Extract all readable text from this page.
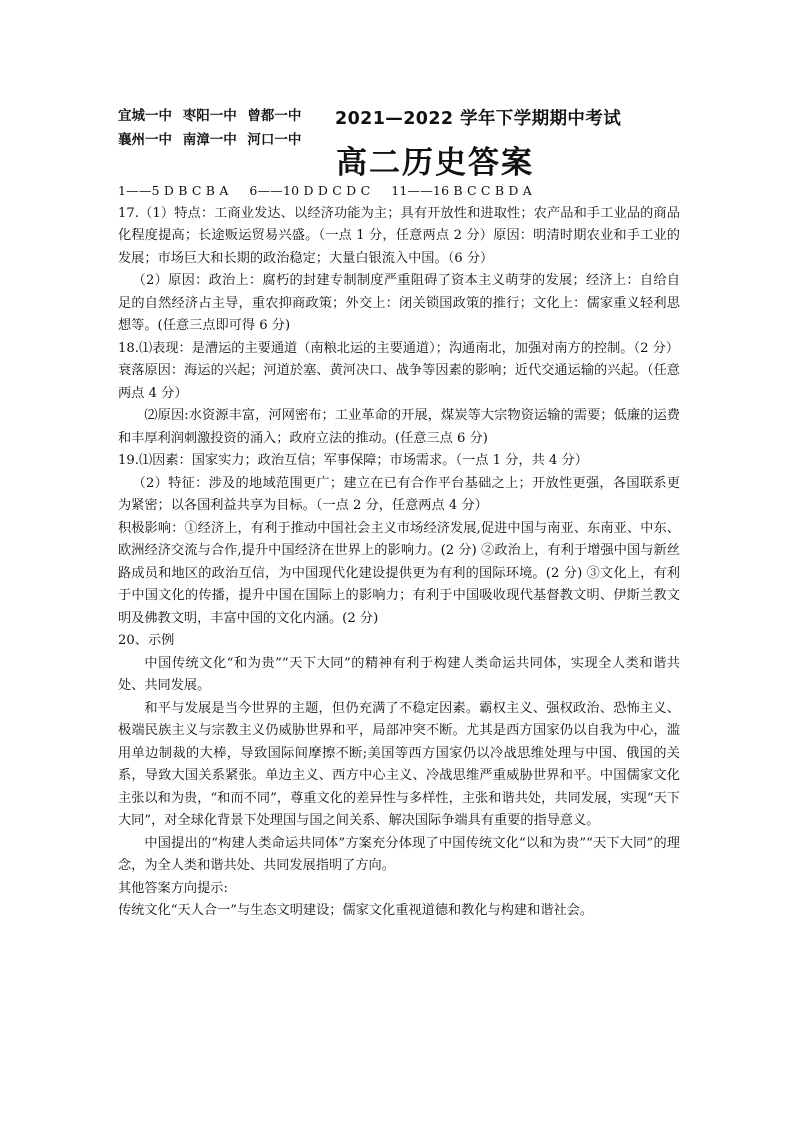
宜城一中 枣阳一中 曾都一中
襄州一中 南漳一中 河口一中
2021—2022 学年下学期期中考试
高二历史答案

1——5 D B C B A     6——10 D D C D C     11——16 B C C B D A

17.（1）特点：工商业发达、以经济功能为主；具有开放性和进取性；农产品和手工业品的商品化程度提高；长途贩运贸易兴盛。（一点 1 分，任意两点 2 分）原因：明清时期农业和手工业的发展；市场巨大和长期的政治稳定；大量白银流入中国。（6 分）

（2）原因：政治上：腐朽的封建专制制度严重阻碍了资本主义萌芽的发展；经济上：自给自足的自然经济占主导，重农抑商政策；外交上：闭关锁国政策的推行；文化上：儒家重义轻利思想等。(任意三点即可得 6 分)

18.⑴表现：是漕运的主要通道（南粮北运的主要通道）；沟通南北，加强对南方的控制。（2 分）

衰落原因：海运的兴起；河道於塞、黄河决口、战争等因素的影响；近代交通运输的兴起。（任意两点 4 分）

⑵原因:水资源丰富，河网密布；工业革命的开展，煤炭等大宗物资运输的需要；低廉的运费和丰厚利润刺激投资的涌入；政府立法的推动。(任意三点 6 分)

19.⑴因素：国家实力；政治互信；军事保障；市场需求。（一点 1 分，共 4 分）

（2）特征：涉及的地域范围更广；建立在已有合作平台基础之上；开放性更强，各国联系更为紧密；以各国利益共享为目标。（一点 2 分，任意两点 4 分）

积极影响：①经济上，有利于推动中国社会主义市场经济发展,促进中国与南亚、东南亚、中东、欧洲经济交流与合作,提升中国经济在世界上的影响力。(2 分) ②政治上，有利于增强中国与新丝路成员和地区的政治互信，为中国现代化建设提供更为有利的国际环境。(2 分) ③文化上，有利于中国文化的传播，提升中国在国际上的影响力；有利于中国吸收现代基督教文明、伊斯兰教文明及佛教文明，丰富中国的文化内涵。(2 分)

20、示例

中国传统文化“和为贵”“天下大同”的精神有利于构建人类命运共同体，实现全人类和谐共处、共同发展。

和平与发展是当今世界的主题，但仍充满了不稳定因素。霸权主义、强权政治、恐怖主义、极端民族主义与宗教主义仍威胁世界和平，局部冲突不断。尤其是西方国家仍以自我为中心，滥用单边制裁的大棒，导致国际间摩擦不断;美国等西方国家仍以冷战思维处理与中国、俄国的关系，导致大国关系紧张。单边主义、西方中心主义、冷战思维严重威胁世界和平。中国儒家文化主张以和为贵，“和而不同”，尊重文化的差异性与多样性，主张和谐共处，共同发展，实现“天下大同”，对全球化背景下处理国与国之间关系、解决国际争端具有重要的指导意义。

中国提出的“构建人类命运共同体”方案充分体现了中国传统文化“以和为贵”“天下大同”的理念，为全人类和谐共处、共同发展指明了方向。

其他答案方向提示:

传统文化“天人合一”与生态文明建设；儒家文化重视道德和教化与构建和谐社会。
